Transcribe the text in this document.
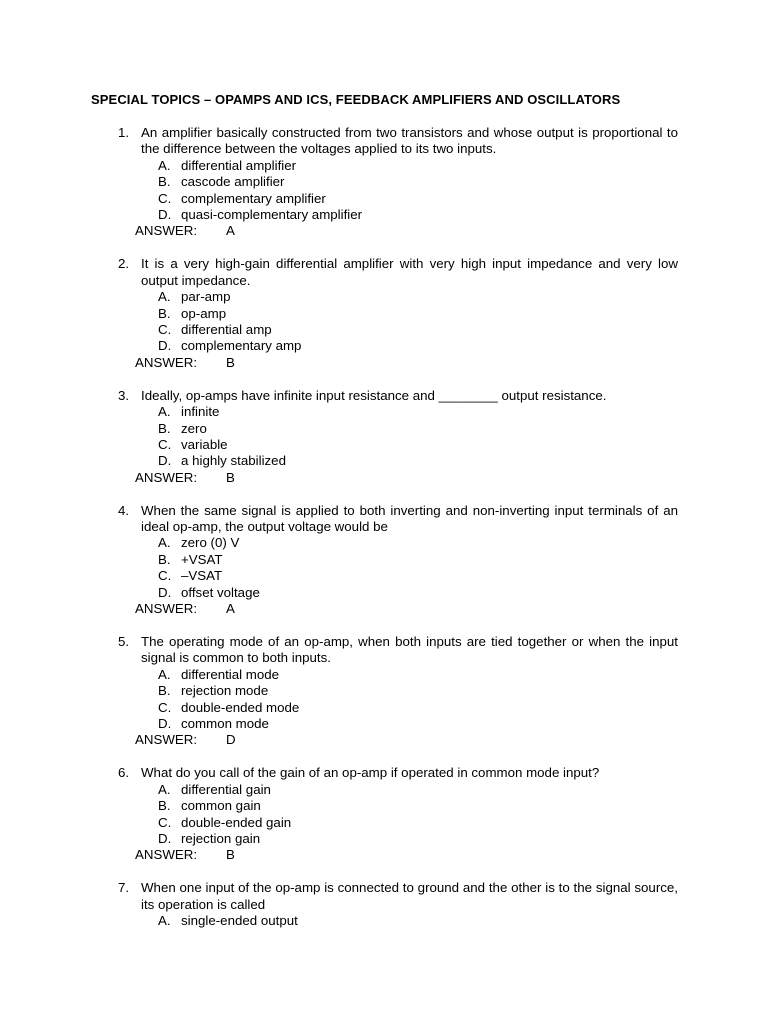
SPECIAL TOPICS – OPAMPS AND ICS, FEEDBACK AMPLIFIERS AND OSCILLATORS
1. An amplifier basically constructed from two transistors and whose output is proportional to the difference between the voltages applied to its two inputs.
A. differential amplifier
B. cascode amplifier
C. complementary amplifier
D. quasi-complementary amplifier
ANSWER: A
2. It is a very high-gain differential amplifier with very high input impedance and very low output impedance.
A. par-amp
B. op-amp
C. differential amp
D. complementary amp
ANSWER: B
3. Ideally, op-amps have infinite input resistance and ________ output resistance.
A. infinite
B. zero
C. variable
D. a highly stabilized
ANSWER: B
4. When the same signal is applied to both inverting and non-inverting input terminals of an ideal op-amp, the output voltage would be
A. zero (0) V
B. +VSAT
C. –VSAT
D. offset voltage
ANSWER: A
5. The operating mode of an op-amp, when both inputs are tied together or when the input signal is common to both inputs.
A. differential mode
B. rejection mode
C. double-ended mode
D. common mode
ANSWER: D
6. What do you call of the gain of an op-amp if operated in common mode input?
A. differential gain
B. common gain
C. double-ended gain
D. rejection gain
ANSWER: B
7. When one input of the op-amp is connected to ground and the other is to the signal source, its operation is called
A. single-ended output
